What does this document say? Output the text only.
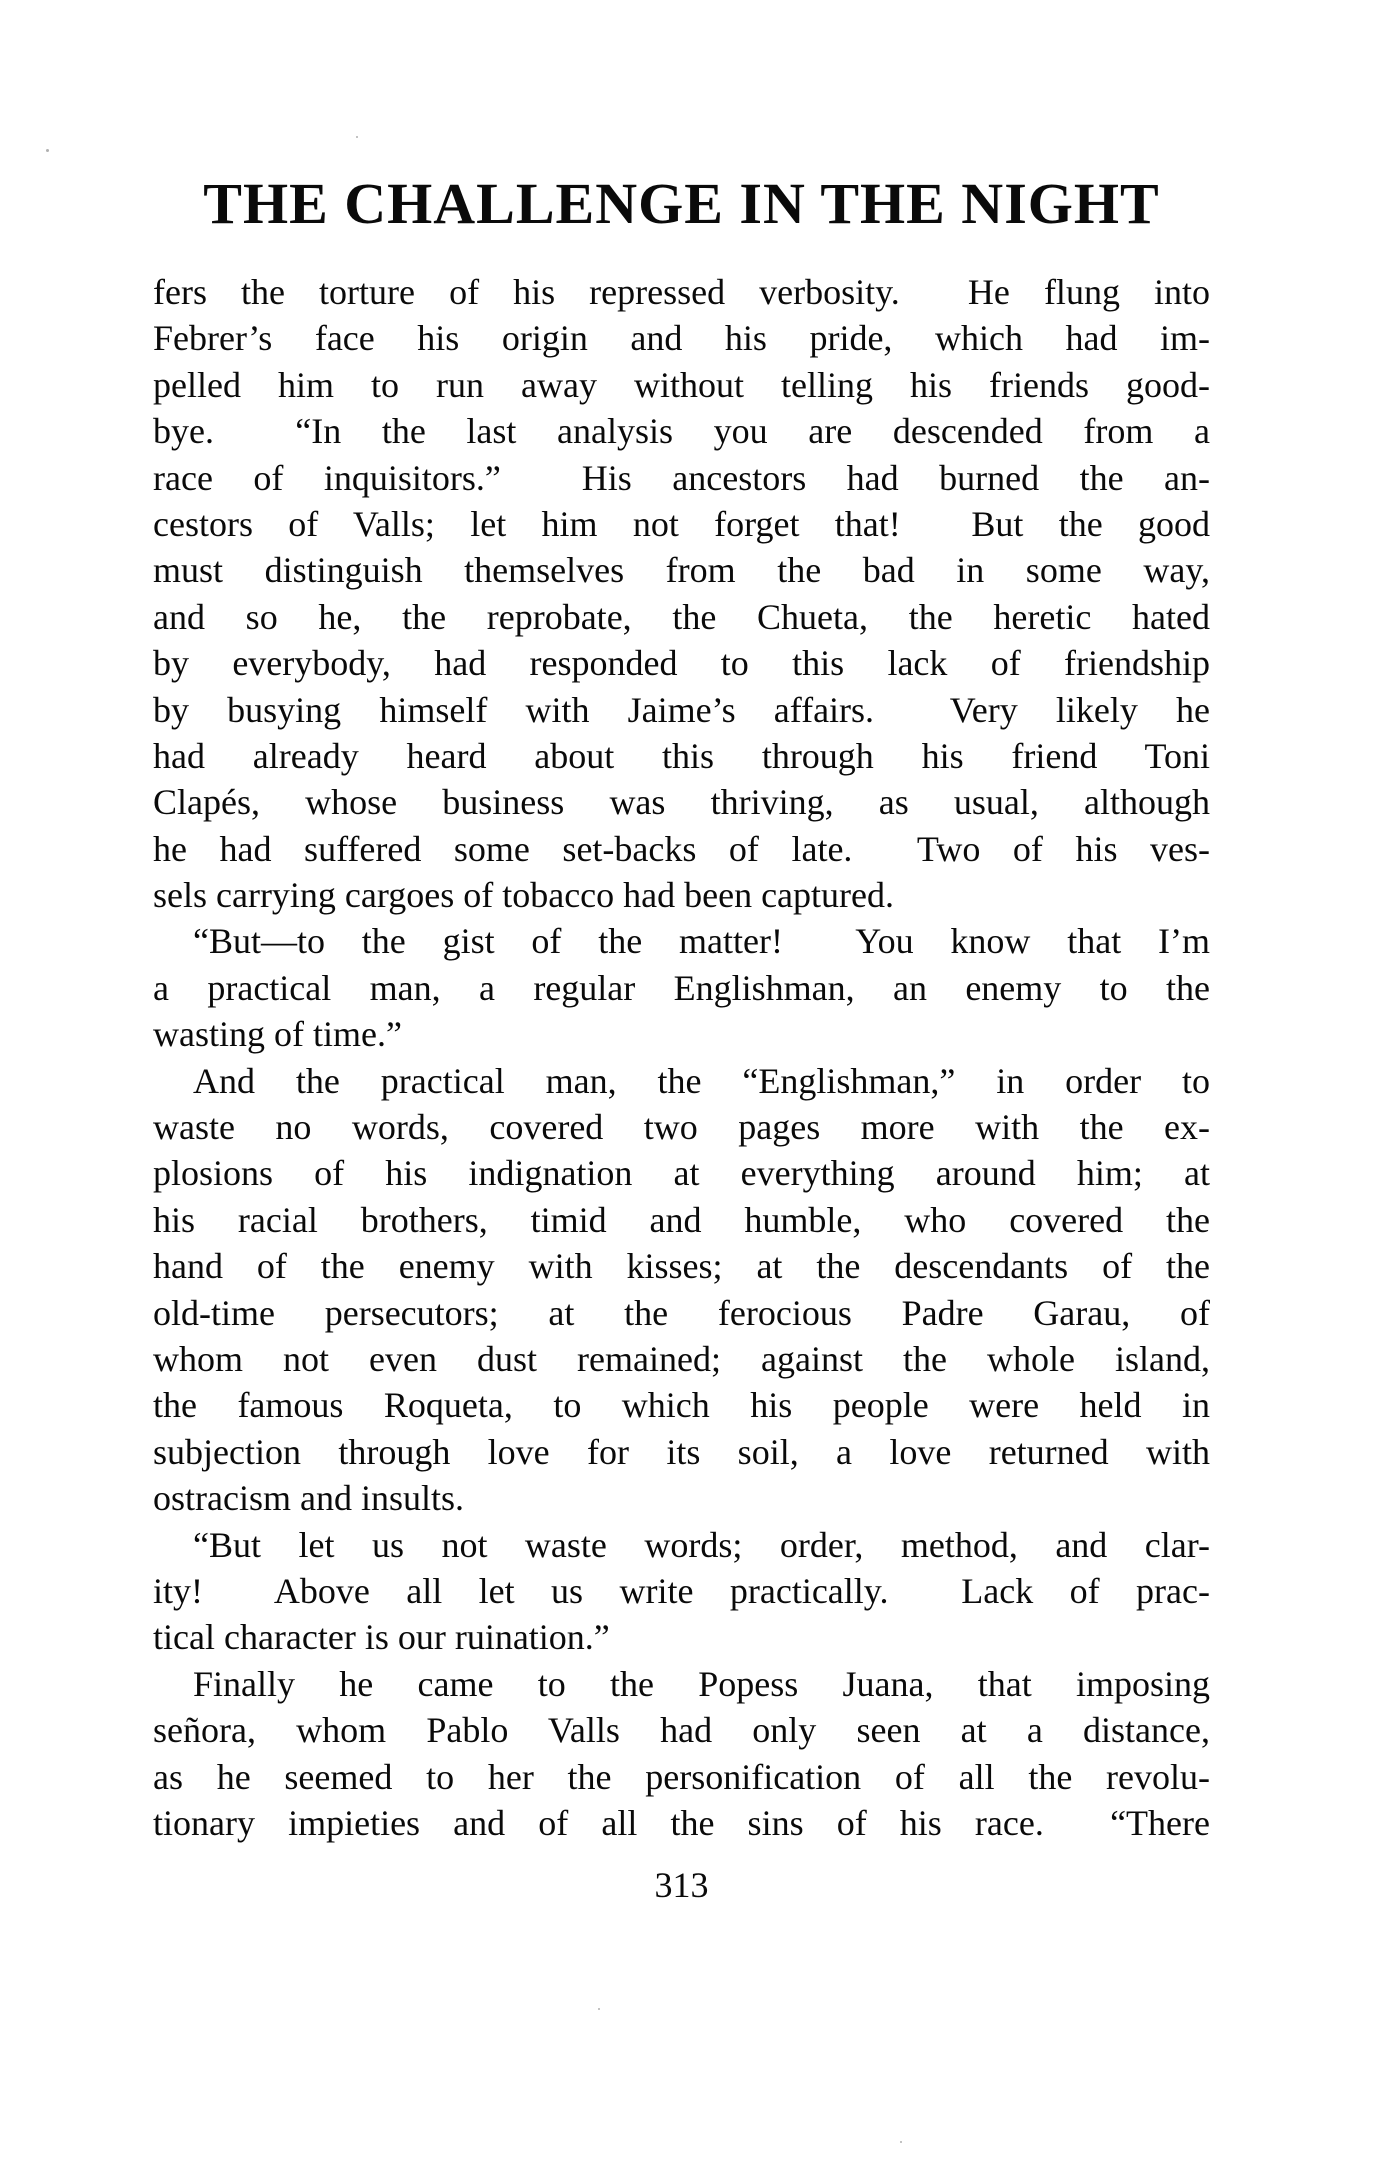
THE CHALLENGE IN THE NIGHT
fers the torture of his repressed verbosity.  He flung into
Febrer’s face his origin and his pride, which had im-
pelled him to run away without telling his friends good-
bye.  “In the last analysis you are descended from a
race of inquisitors.”  His ancestors had burned the an-
cestors of Valls; let him not forget that!  But the good
must distinguish themselves from the bad in some way,
and so he, the reprobate, the Chueta, the heretic hated
by everybody, had responded to this lack of friendship
by busying himself with Jaime’s affairs.  Very likely he
had already heard about this through his friend Toni
Clapés, whose business was thriving, as usual, although
he had suffered some set-backs of late.  Two of his ves-
sels carrying cargoes of tobacco had been captured.
“But—to the gist of the matter!  You know that I’m
a practical man, a regular Englishman, an enemy to the
wasting of time.”
And the practical man, the “Englishman,” in order to
waste no words, covered two pages more with the ex-
plosions of his indignation at everything around him; at
his racial brothers, timid and humble, who covered the
hand of the enemy with kisses; at the descendants of the
old-time persecutors; at the ferocious Padre Garau, of
whom not even dust remained; against the whole island,
the famous Roqueta, to which his people were held in
subjection through love for its soil, a love returned with
ostracism and insults.
“But let us not waste words; order, method, and clar-
ity!  Above all let us write practically.  Lack of prac-
tical character is our ruination.”
Finally he came to the Popess Juana, that imposing
señora, whom Pablo Valls had only seen at a distance,
as he seemed to her the personification of all the revolu-
tionary impieties and of all the sins of his race.  “There
313
